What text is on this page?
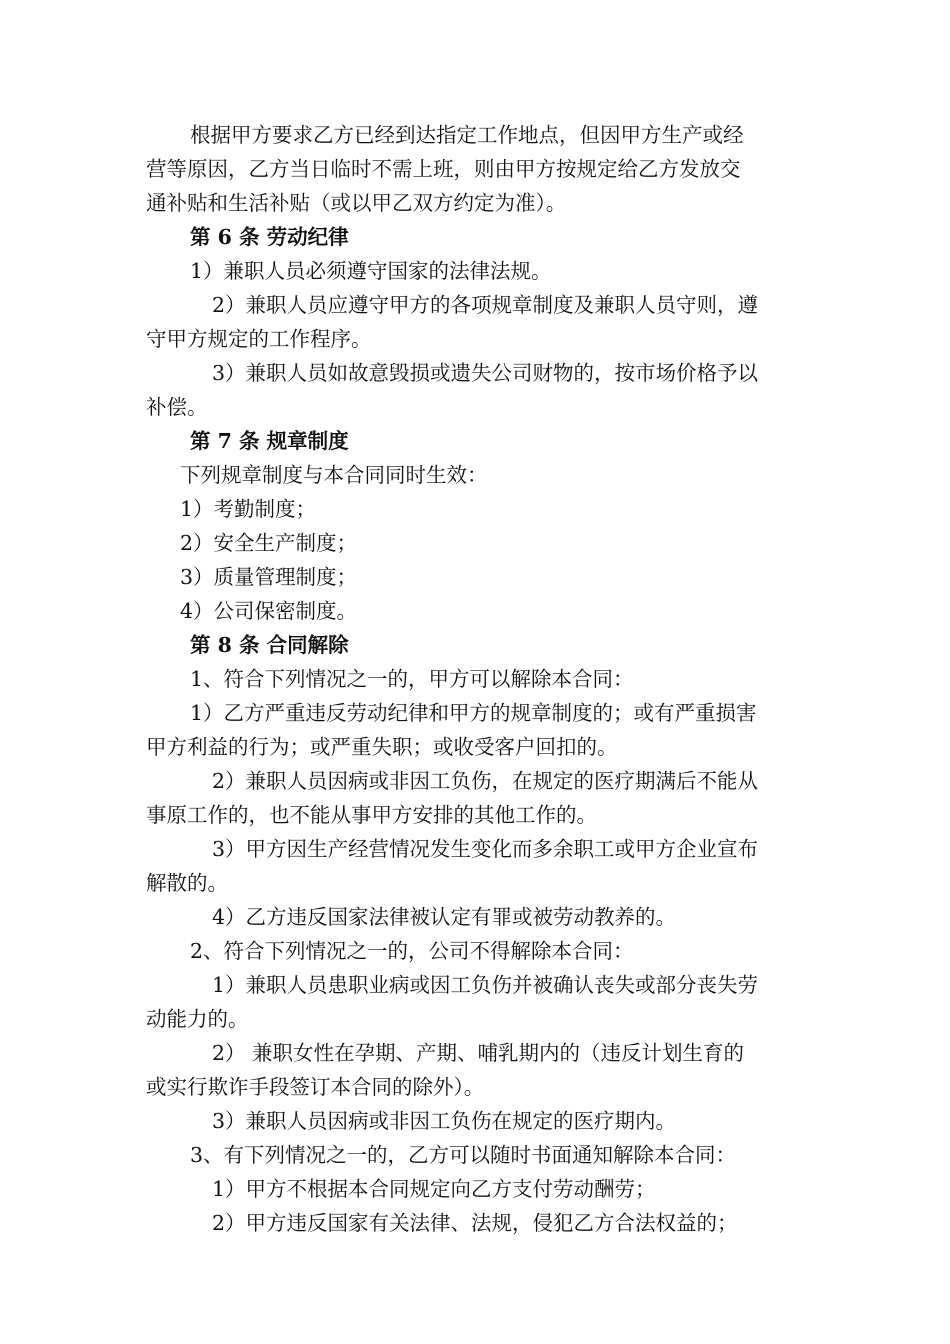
根据甲方要求乙方已经到达指定工作地点，但因甲方生产或经
营等原因，乙方当日临时不需上班，则由甲方按规定给乙方发放交
通补贴和生活补贴（或以甲乙双方约定为准）。
第 6 条 劳动纪律
1）兼职人员必须遵守国家的法律法规。
2）兼职人员应遵守甲方的各项规章制度及兼职人员守则，遵
守甲方规定的工作程序。
3）兼职人员如故意毁损或遗失公司财物的，按市场价格予以
补偿。
第 7 条 规章制度
下列规章制度与本合同同时生效：
1）考勤制度；
2）安全生产制度；
3）质量管理制度；
4）公司保密制度。
第 8 条 合同解除
1、符合下列情况之一的，甲方可以解除本合同：
1）乙方严重违反劳动纪律和甲方的规章制度的；或有严重损害
甲方利益的行为；或严重失职；或收受客户回扣的。
2）兼职人员因病或非因工负伤，在规定的医疗期满后不能从
事原工作的，也不能从事甲方安排的其他工作的。
3）甲方因生产经营情况发生变化而多余职工或甲方企业宣布
解散的。
4）乙方违反国家法律被认定有罪或被劳动教养的。
2、符合下列情况之一的，公司不得解除本合同：
1）兼职人员患职业病或因工负伤并被确认丧失或部分丧失劳
动能力的。
2） 兼职女性在孕期、产期、哺乳期内的（违反计划生育的
或实行欺诈手段签订本合同的除外）。
3）兼职人员因病或非因工负伤在规定的医疗期内。
3、有下列情况之一的，乙方可以随时书面通知解除本合同：
1）甲方不根据本合同规定向乙方支付劳动酬劳；
2）甲方违反国家有关法律、法规，侵犯乙方合法权益的；
